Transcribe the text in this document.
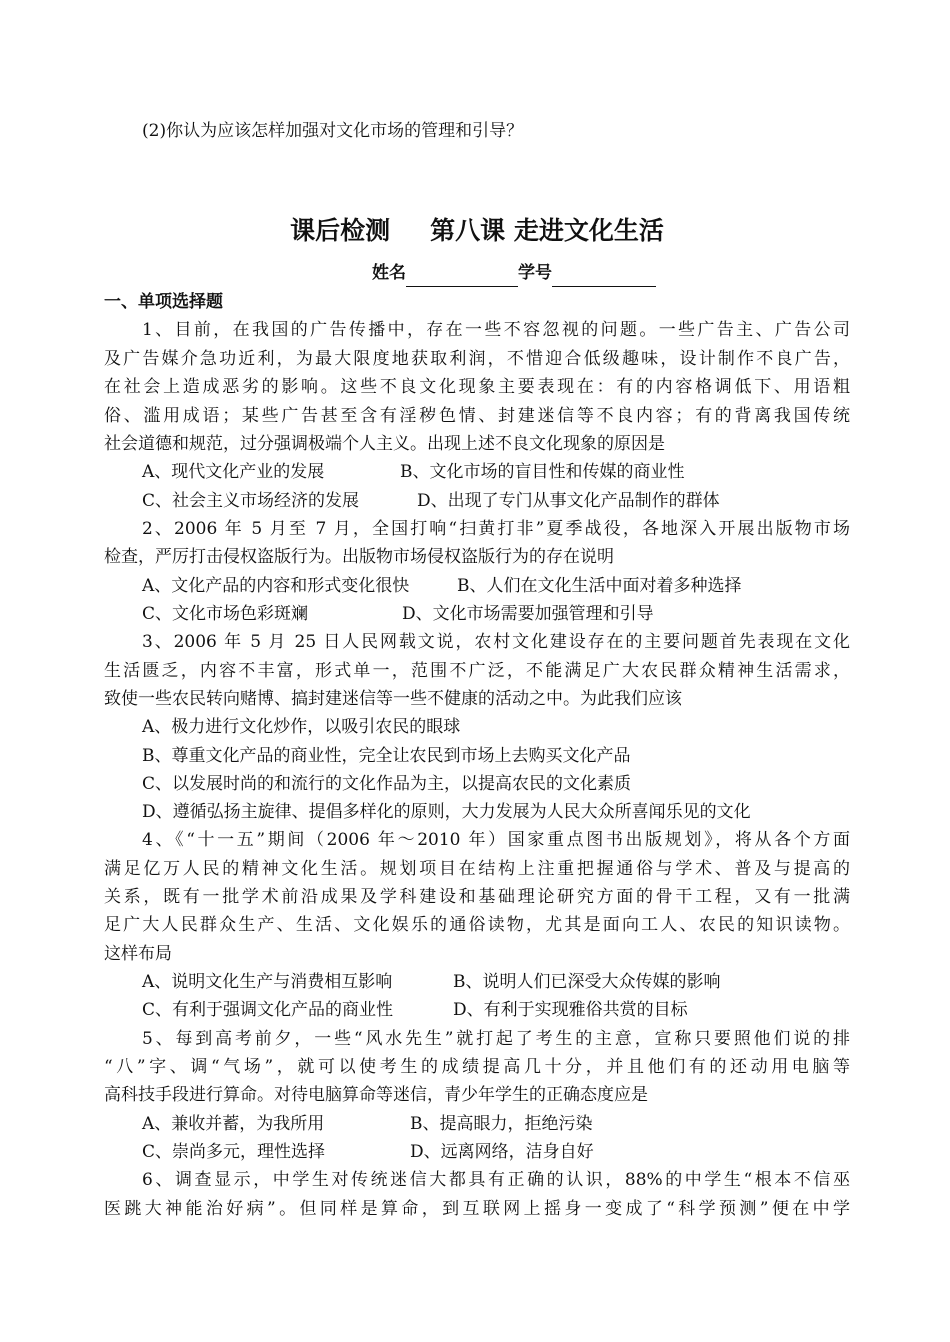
(2)你认为应该怎样加强对文化市场的管理和引导？
课后检测 第八课 走进文化生活
姓名	学号
一、单项选择题
1、目前，在我国的广告传播中，存在一些不容忽视的问题。一些广告主、广告公司
及广告媒介急功近利，为最大限度地获取利润，不惜迎合低级趣味，设计制作不良广告，
在社会上造成恶劣的影响。这些不良文化现象主要表现在：有的内容格调低下、用语粗
俗、滥用成语；某些广告甚至含有淫秽色情、封建迷信等不良内容；有的背离我国传统
社会道德和规范，过分强调极端个人主义。出现上述不良文化现象的原因是
A、现代文化产业的发展	B、文化市场的盲目性和传媒的商业性
C、社会主义市场经济的发展	D、出现了专门从事文化产品制作的群体
2、2006 年 5 月至 7 月，全国打响“扫黄打非”夏季战役，各地深入开展出版物市场
检查，严厉打击侵权盗版行为。出版物市场侵权盗版行为的存在说明
A、文化产品的内容和形式变化很快	B、人们在文化生活中面对着多种选择
C、文化市场色彩斑斓	D、文化市场需要加强管理和引导
3、2006 年 5 月 25 日人民网载文说，农村文化建设存在的主要问题首先表现在文化
生活匮乏，内容不丰富，形式单一，范围不广泛，不能满足广大农民群众精神生活需求，
致使一些农民转向赌博、搞封建迷信等一些不健康的活动之中。为此我们应该
A、极力进行文化炒作，以吸引农民的眼球
B、尊重文化产品的商业性，完全让农民到市场上去购买文化产品
C、以发展时尚的和流行的文化作品为主，以提高农民的文化素质
D、遵循弘扬主旋律、提倡多样化的原则，大力发展为人民大众所喜闻乐见的文化
4、《“十一五”期间（2006 年～2010 年）国家重点图书出版规划》，将从各个方面
满足亿万人民的精神文化生活。规划项目在结构上注重把握通俗与学术、普及与提高的
关系，既有一批学术前沿成果及学科建设和基础理论研究方面的骨干工程，又有一批满
足广大人民群众生产、生活、文化娱乐的通俗读物，尤其是面向工人、农民的知识读物。
这样布局
A、说明文化生产与消费相互影响	B、说明人们已深受大众传媒的影响
C、有利于强调文化产品的商业性	D、有利于实现雅俗共赏的目标
5、每到高考前夕，一些“风水先生”就打起了考生的主意，宣称只要照他们说的排
“八”字、调“气场”，就可以使考生的成绩提高几十分，并且他们有的还动用电脑等
高科技手段进行算命。对待电脑算命等迷信，青少年学生的正确态度应是
A、兼收并蓄，为我所用	B、提高眼力，拒绝污染
C、崇尚多元，理性选择	D、远离网络，洁身自好
6、调查显示，中学生对传统迷信大都具有正确的认识，88%的中学生“根本不信巫
医跳大神能治好病”。但同样是算命，到互联网上摇身一变成了“科学预测”便在中学
